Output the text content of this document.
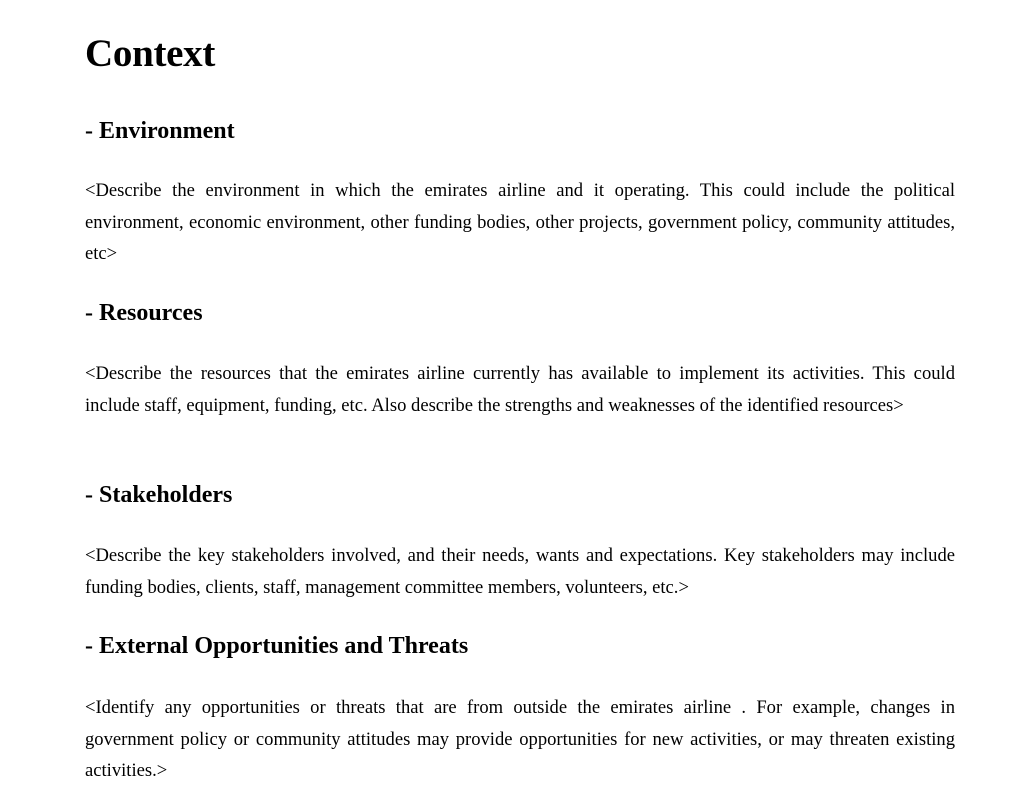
Context
- Environment

<Describe the environment in which the emirates airline and it operating. This could include the political environment, economic environment, other funding bodies, other projects, government policy, community attitudes, etc>

- Resources

<Describe the resources that the emirates airline currently has available to implement its activities. This could include staff, equipment, funding, etc. Also describe the strengths and weaknesses of the identified resources>

- Stakeholders

<Describe the key stakeholders involved, and their needs, wants and expectations. Key stakeholders may include funding bodies, clients, staff, management committee members, volunteers, etc.>

- External Opportunities and Threats

<Identify any opportunities or threats that are from outside the emirates airline . For example, changes in government policy or community attitudes may provide opportunities for new activities, or may threaten existing activities.>
